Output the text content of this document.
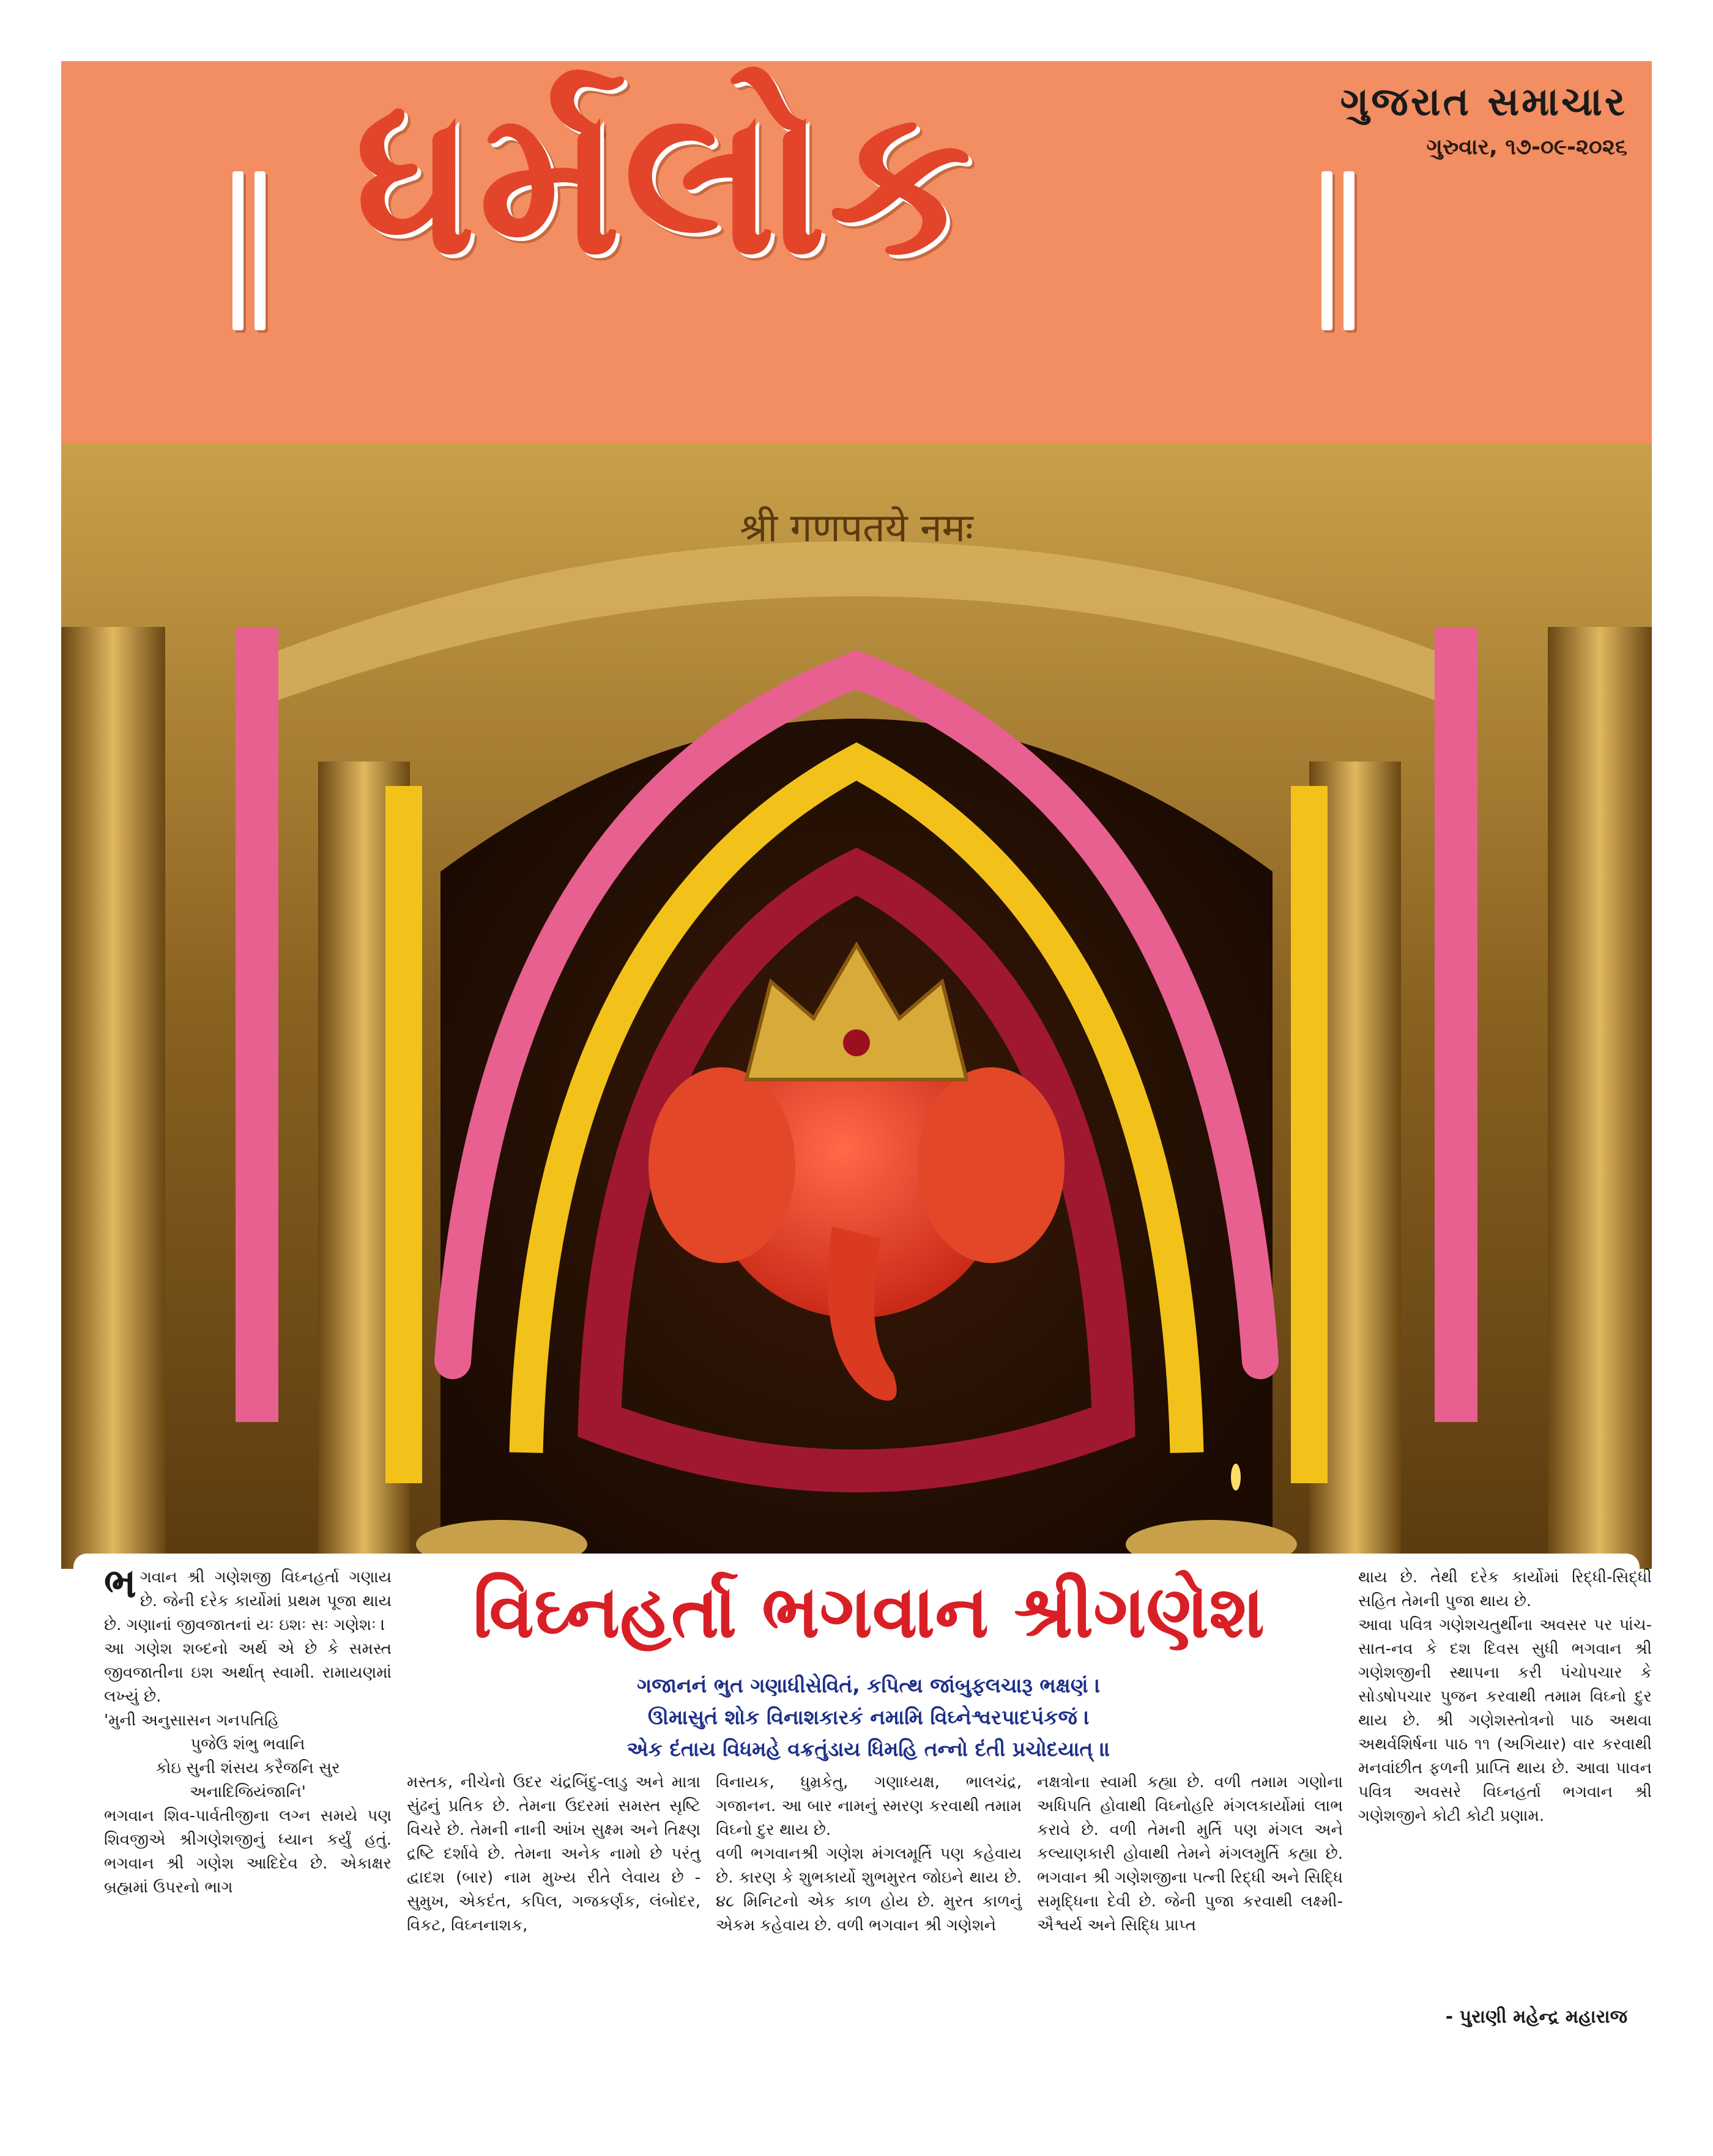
ધર્મલોક	ગુજરાત સમાચાર
ગુરુવાર, ૧૭-૦૯-૨૦૨૬
श्री गणपतये नमः

ભગવાન શ્રી ગણેશજી વિઘ્નહર્તા ગણાય છે. જેની દરેક કાર્યોમાં પ્રથમ પૂજા થાય છે. ગણાનાં જીવજાતનાં યઃ ઇશઃ સઃ ગણેશઃ ।

આ ગણેશ શબ્દનો અર્થ એ છે કે સમસ્ત જીવજાતીના ઇશ અર્થાત્ સ્વામી. રામાયણમાં લખ્યું છે.

'મુની અનુસાસન ગનપતિહિ

પુજેઉ શંભુ ભવાનિ

કોઇ સુની શંસય કરૈજનિ સુર

અનાદિજિયંજાનિ'

ભગવાન શિવ-પાર્વતીજીના લગ્ન સમયે પણ શિવજીએ શ્રીગણેશજીનું ધ્યાન કર્યું હતું. ભગવાન શ્રી ગણેશ આદિદેવ છે. એકાક્ષર બ્રહ્મમાં ઉપરનો ભાગ

વિઘ્નહર્તા ભગવાન શ્રીગણેશ
ગજાનનં ભુત ગણાધીસેવિતં, કપિત્થ જાંબુફલચારૂ ભક્ષણં ।
ઊમાસુતં શોક વિનાશકારકં નમામિ વિઘ્નેશ્વરપાદપંકજં ।
એક દંતાય વિધમહે વક્રતુંડાય ધિમહિ તન્નો દંતી પ્રચોદયાત્ ॥

મસ્તક, નીચેનો ઉદર ચંદ્રબિંદુ-લાડુ અને માત્રા સુંઢનું પ્રતિક છે. તેમના ઉદરમાં સમસ્ત સૃષ્ટિ વિચરે છે. તેમની નાની આંખ સુક્ષ્મ અને તિક્ષ્ણ દ્રષ્ટિ દર્શાવે છે. તેમના અનેક નામો છે પરંતુ દ્વાદશ (બાર) નામ મુખ્ય રીતે લેવાય છે - સુમુખ, એકદંત, કપિલ, ગજકર્ણક, લંબોદર, વિકટ, વિઘ્નનાશક,

વિનાયક, ધુમ્રકેતુ, ગણાધ્યક્ષ, ભાલચંદ્ર, ગજાનન. આ બાર નામનું સ્મરણ કરવાથી તમામ વિઘ્નો દુર થાય છે.

વળી ભગવાનશ્રી ગણેશ મંગલમૂર્તિ પણ કહેવાય છે. કારણ કે શુભકાર્યો શુભમુરત જોઇને થાય છે. ૪૮ મિનિટનો એક કાળ હોય છે. મુરત કાળનું એકમ કહેવાય છે. વળી ભગવાન શ્રી ગણેશને

નક્ષત્રોના સ્વામી કહ્યા છે. વળી તમામ ગણોના અધિપતિ હોવાથી વિઘ્નોહરિ મંગલકાર્યોમાં લાભ કરાવે છે. વળી તેમની મુર્તિ પણ મંગલ અને કલ્યાણકારી હોવાથી તેમને મંગલમુર્તિ કહ્યા છે. ભગવાન શ્રી ગણેશજીના પત્ની રિદ્ધી અને સિદ્ધિ સમૃદ્ધિના દેવી છે. જેની પુજા કરવાથી લક્ષ્મી-ઐશ્વર્ય અને સિદ્ધિ પ્રાપ્ત

થાય છે. તેથી દરેક કાર્યોમાં રિદ્ધી-સિદ્ધી સહિત તેમની પુજા થાય છે.

આવા પવિત્ર ગણેશચતુર્થીના અવસર પર પાંચ-સાત-નવ કે દશ દિવસ સુધી ભગવાન શ્રી ગણેશજીની સ્થાપના કરી પંચોપચાર કે સોડષોપચાર પુજન કરવાથી તમામ વિઘ્નો દુર થાય છે. શ્રી ગણેશસ્તોત્રનો પાઠ અથવા અથર્વશિર્ષના પાઠ ૧૧ (અગિયાર) વાર કરવાથી મનવાંછીત ફળની પ્રાપ્તિ થાય છે. આવા પાવન પવિત્ર અવસરે વિઘ્નહર્તા ભગવાન શ્રી ગણેશજીને કોટી કોટી પ્રણામ.

- પુરાણી મહેન્દ્ર મહારાજ
